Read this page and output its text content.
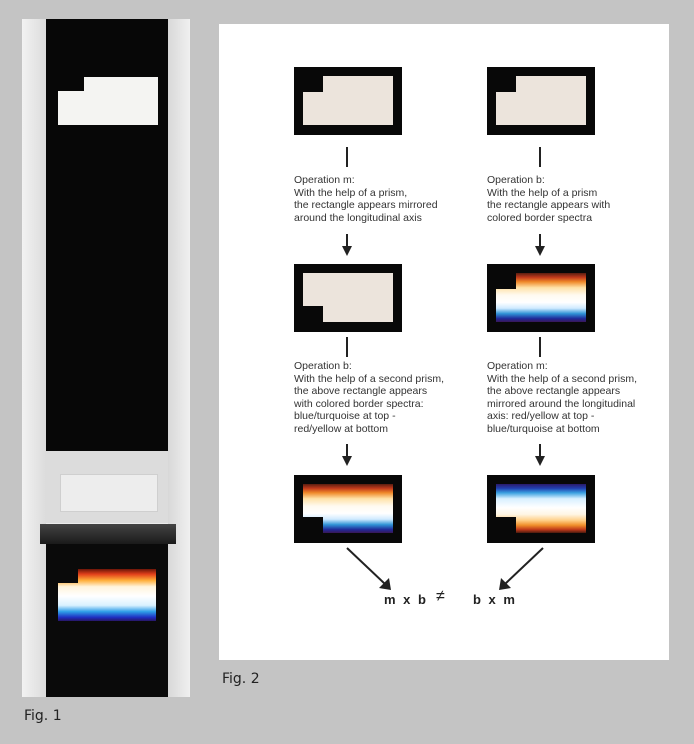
Fig. 1
Operation m:
With the help of a prism,
the rectangle appears mirrored
around the longitudinal axis
Operation b:
With the help of a second prism,
the above rectangle appears
with colored border spectra:
blue/turquoise at top -
red/yellow at bottom
Operation b:
With the help of a prism
the rectangle appears with
colored border spectra
Operation m:
With the help of a second prism,
the above rectangle appears
mirrored around the longitudinal
axis: red/yellow at top -
blue/turquoise at bottom
m x b ≠ b x m
Fig. 2
